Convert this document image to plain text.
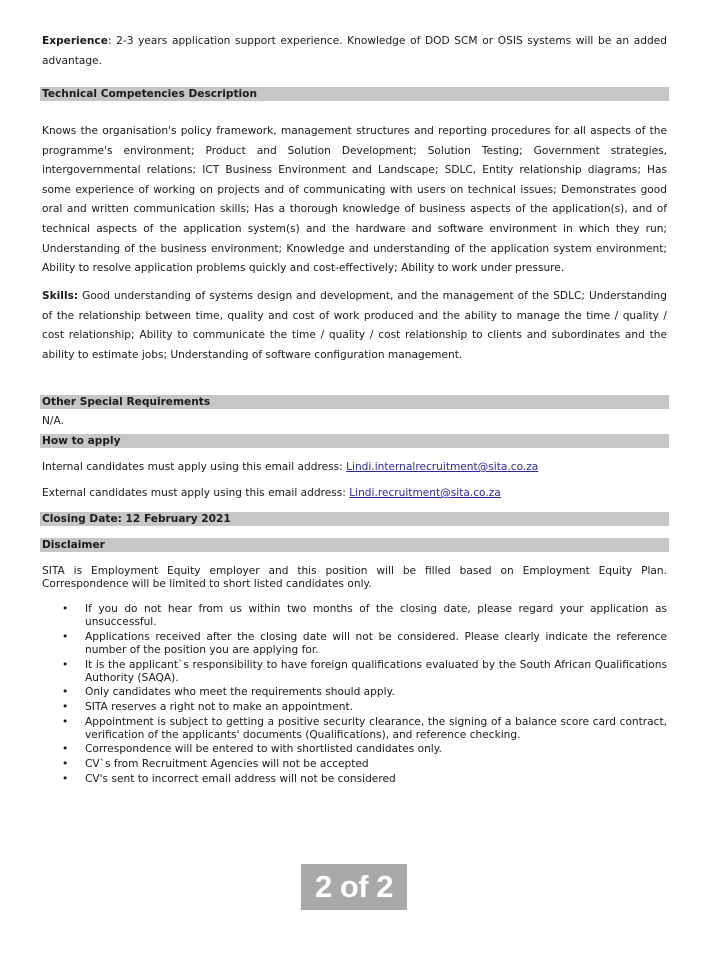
Experience: 2-3 years application support experience. Knowledge of DOD SCM or OSIS systems will be an added advantage.
Technical Competencies Description
Knows the organisation's policy framework, management structures and reporting procedures for all aspects of the programme's environment; Product and Solution Development; Solution Testing; Government strategies, intergovernmental relations; ICT Business Environment and Landscape; SDLC, Entity relationship diagrams; Has some experience of working on projects and of communicating with users on technical issues; Demonstrates good oral and written communication skills; Has a thorough knowledge of business aspects of the application(s), and of technical aspects of the application system(s) and the hardware and software environment in which they run; Understanding of the business environment; Knowledge and understanding of the application system environment; Ability to resolve application problems quickly and cost-effectively; Ability to work under pressure.
Skills: Good understanding of systems design and development, and the management of the SDLC; Understanding of the relationship between time, quality and cost of work produced and the ability to manage the time / quality / cost relationship; Ability to communicate the time / quality / cost relationship to clients and subordinates and the ability to estimate jobs; Understanding of software configuration management.
Other Special Requirements
N/A.
How to apply
Internal candidates must apply using this email address: Lindi.internalrecruitment@sita.co.za
External candidates must apply using this email address: Lindi.recruitment@sita.co.za
Closing Date: 12 February 2021
Disclaimer
SITA is Employment Equity employer and this position will be filled based on Employment Equity Plan. Correspondence will be limited to short listed candidates only.
• If you do not hear from us within two months of the closing date, please regard your application as unsuccessful.
• Applications received after the closing date will not be considered. Please clearly indicate the reference number of the position you are applying for.
• It is the applicant`s responsibility to have foreign qualifications evaluated by the South African Qualifications Authority (SAQA).
• Only candidates who meet the requirements should apply.
• SITA reserves a right not to make an appointment.
• Appointment is subject to getting a positive security clearance, the signing of a balance score card contract, verification of the applicants' documents (Qualifications), and reference checking.
• Correspondence will be entered to with shortlisted candidates only.
• CV`s from Recruitment Agencies will not be accepted
• CV's sent to incorrect email address will not be considered
2 of 2
